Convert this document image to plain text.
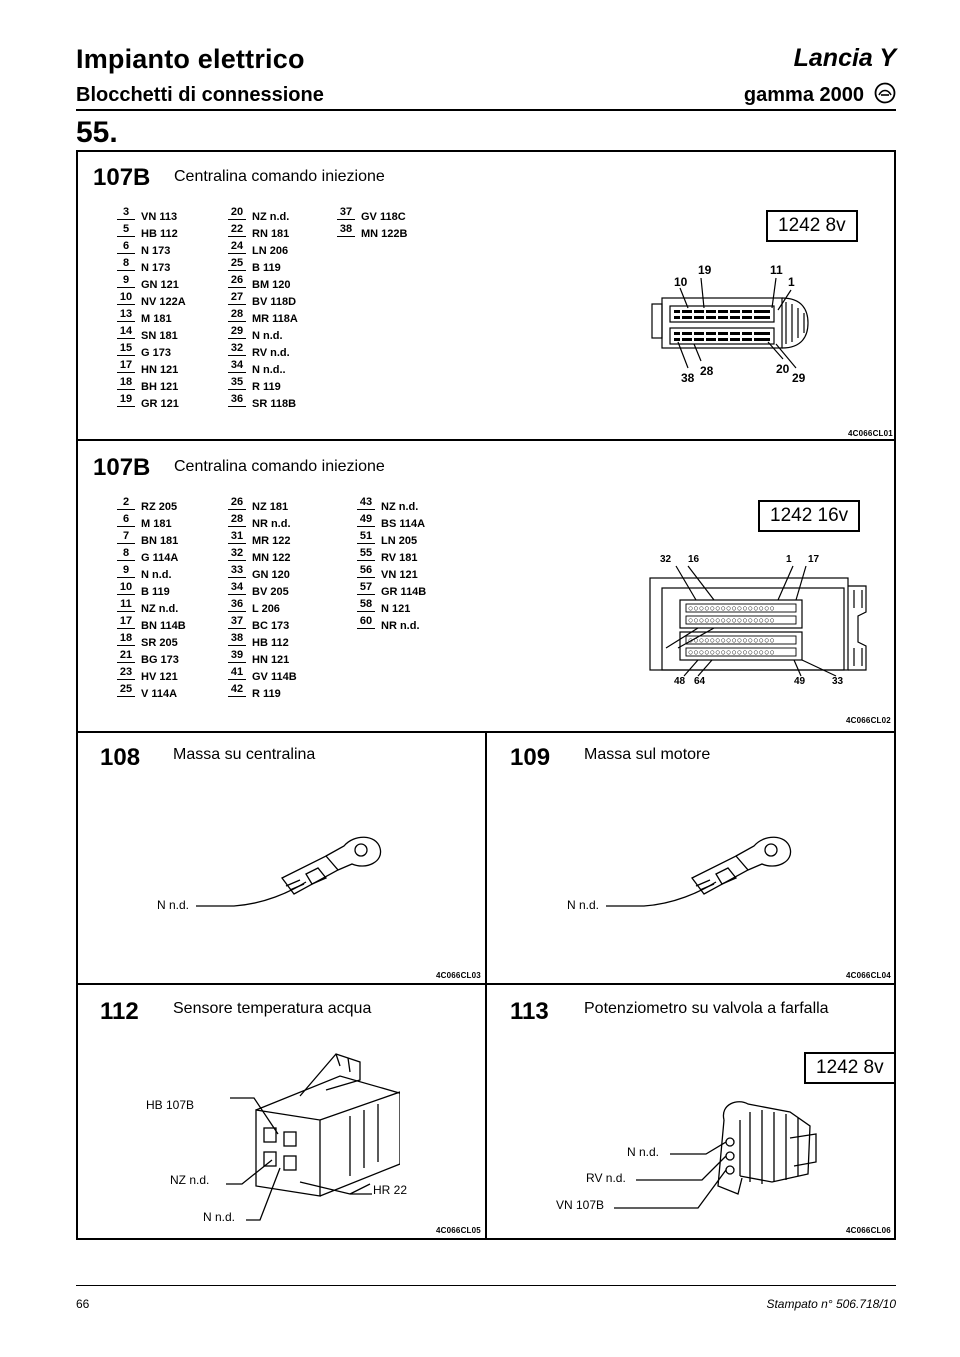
Impianto elettrico
Blocchetti di connessione
Lancia Y
gamma 2000
55.
107B Centralina comando iniezione
1242 8v
3	VN 113
5	HB 112
6	N 173
8	N 173
9	GN 121
10 NV 122A
13 M 181
14 SN 181
15 G 173
17 HN 121
18 BH 121
19 GR 121
20 NZ n.d.
22 RN 181
24 LN 206
25 B 119
26 BM 120
27 BV 118D
28 MR 118A
29 N n.d.
32 RV n.d.
34 N n.d..
35 R 119
36 SR 118B
37 GV 118C
38 MN 122B
19	11
10	1
38 28	20
29
4C066CL01
107B Centralina comando iniezione
1242 16v
2	RZ 205
6	M 181
7	BN 181
8	G 114A
9	N n.d.
10 B 119
11 NZ n.d.
17 BN 114B
18 SR 205
21 BG 173
23 HV 121
25 V 114A
26 NZ 181
28 NR n.d.
31 MR 122
32 MN 122
33 GN 120
34 BV 205
36 L 206
37 BC 173
38 HB 112
39 HN 121
41 GV 114B
42 R 119
43 NZ n.d.
49 BS 114A
51 LN 205
55 RV 181
56 VN 121
57 GR 114B
58 N 121
60 NR n.d.
○○○○○○○○○○○○○○○○
○○○○○○○○○○○○○○○○
○○○○○○○○○○○○○○○○
○○○○○○○○○○○○○○○○
32 16	1 17
48 64	49	33
4C066CL02
108 Massa su centralina
N n.d.
4C066CL03
109 Massa sul motore
N n.d.
4C066CL04
112 Sensore temperatura acqua
HB 107B
NZ n.d.
N n.d.
HR 22
4C066CL05
113 Potenziometro su valvola a farfalla
1242 8v
N n.d.
RV n.d.
VN 107B
4C066CL06
66	Stampato n° 506.718/10
